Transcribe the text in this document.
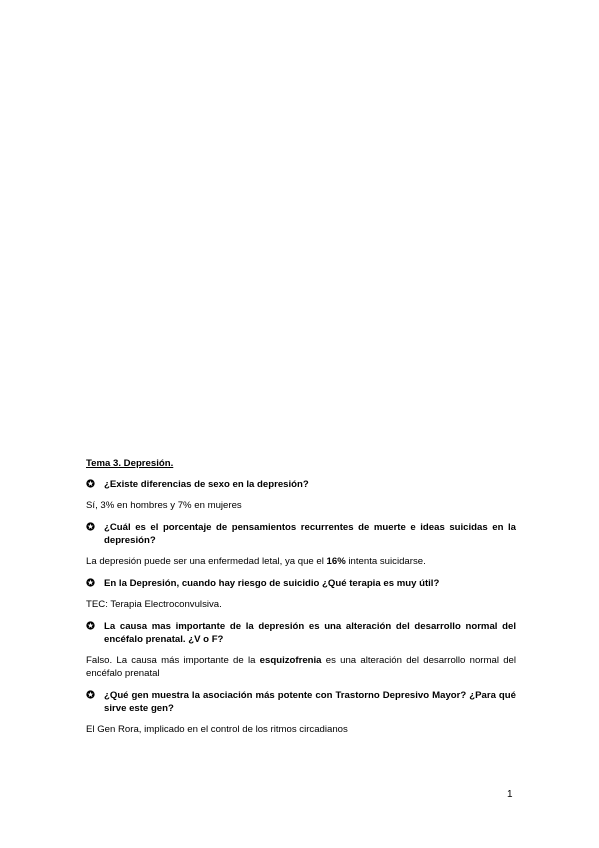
Tema 3. Depresión.
¿Existe diferencias de sexo en la depresión?
Sí, 3% en hombres y 7% en mujeres
¿Cuál es el porcentaje de pensamientos recurrentes de muerte e ideas suicidas en la depresión?
La depresión puede ser una enfermedad letal, ya que el 16% intenta suicidarse.
En la Depresión, cuando hay riesgo de suicidio ¿Qué terapia es muy útil?
TEC: Terapia Electroconvulsiva.
La causa mas importante de la depresión es una alteración del desarrollo normal del encéfalo prenatal. ¿V o F?
Falso. La causa más importante de la esquizofrenia es una alteración del desarrollo normal del encéfalo prenatal
¿Qué gen muestra la asociación más potente con Trastorno Depresivo Mayor? ¿Para qué sirve este gen?
El Gen Rora, implicado en el control de los ritmos circadianos
1
